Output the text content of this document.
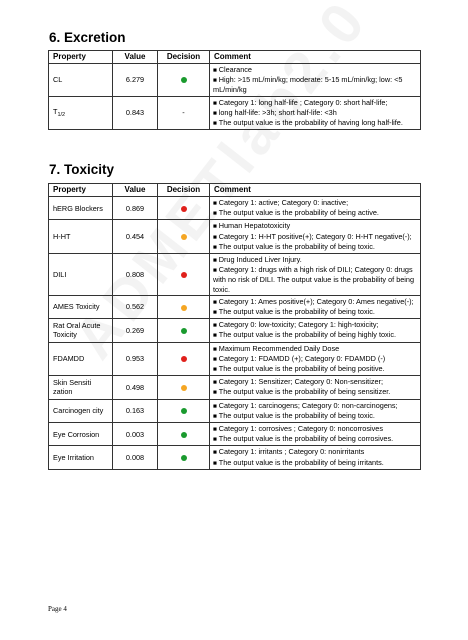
6. Excretion
Property	Value	Decision	Comment
CL	6.279		■ Clearance
■ High: >15 mL/min/kg; moderate: 5-15 mL/min/kg; low: <5 mL/min/kg

$T_{1/2}$	0.843	-	■ Category 1: long half-life ; Category 0: short half-life;
■ long half-life: >3h; short half-life: <3h
■ The output value is the probability of having long half-life.
7. Toxicity
Property	Value	Decision	Comment
hERG Blockers	0.869		■ Category 1: active; Category 0: inactive;
■ The output value is the probability of being active.

H-HT	0.454		■ Human Hepatotoxicity
■ Category 1: H-HT positive(+); Category 0: H-HT negative(-);
■ The output value is the probability of being toxic.

DILI	0.808		■ Drug Induced Liver Injury.
■ Category 1: drugs with a high risk of DILI; Category 0: drugs with no risk of DILI. The output value is the probability of being toxic.

AMES Toxicity	0.562		■ Category 1: Ames positive(+); Category 0: Ames negative(-);
■ The output value is the probability of being toxic.

Rat Oral Acute Toxicity	0.269		■ Category 0: low-toxicity; Category 1: high-toxicity;
■ The output value is the probability of being highly toxic.

FDAMDD	0.953		■ Maximum Recommended Daily Dose
■ Category 1: FDAMDD (+); Category 0: FDAMDD (-)
■ The output value is the probability of being positive.

Skin Sensiti zation	0.498		■ Category 1: Sensitizer; Category 0: Non-sensitizer;
■ The output value is the probability of being sensitizer.

Carcinogen city	0.163		■ Category 1: carcinogens; Category 0: non-carcinogens;
■ The output value is the probability of being toxic.

Eye Corrosion	0.003		■ Category 1: corrosives ; Category 0: noncorrosives
■ The output value is the probability of being corrosives.

Eye Irritation	0.008		■ Category 1: irritants ; Category 0: nonirritants
■ The output value is the probability of being irritants.
Page 4
